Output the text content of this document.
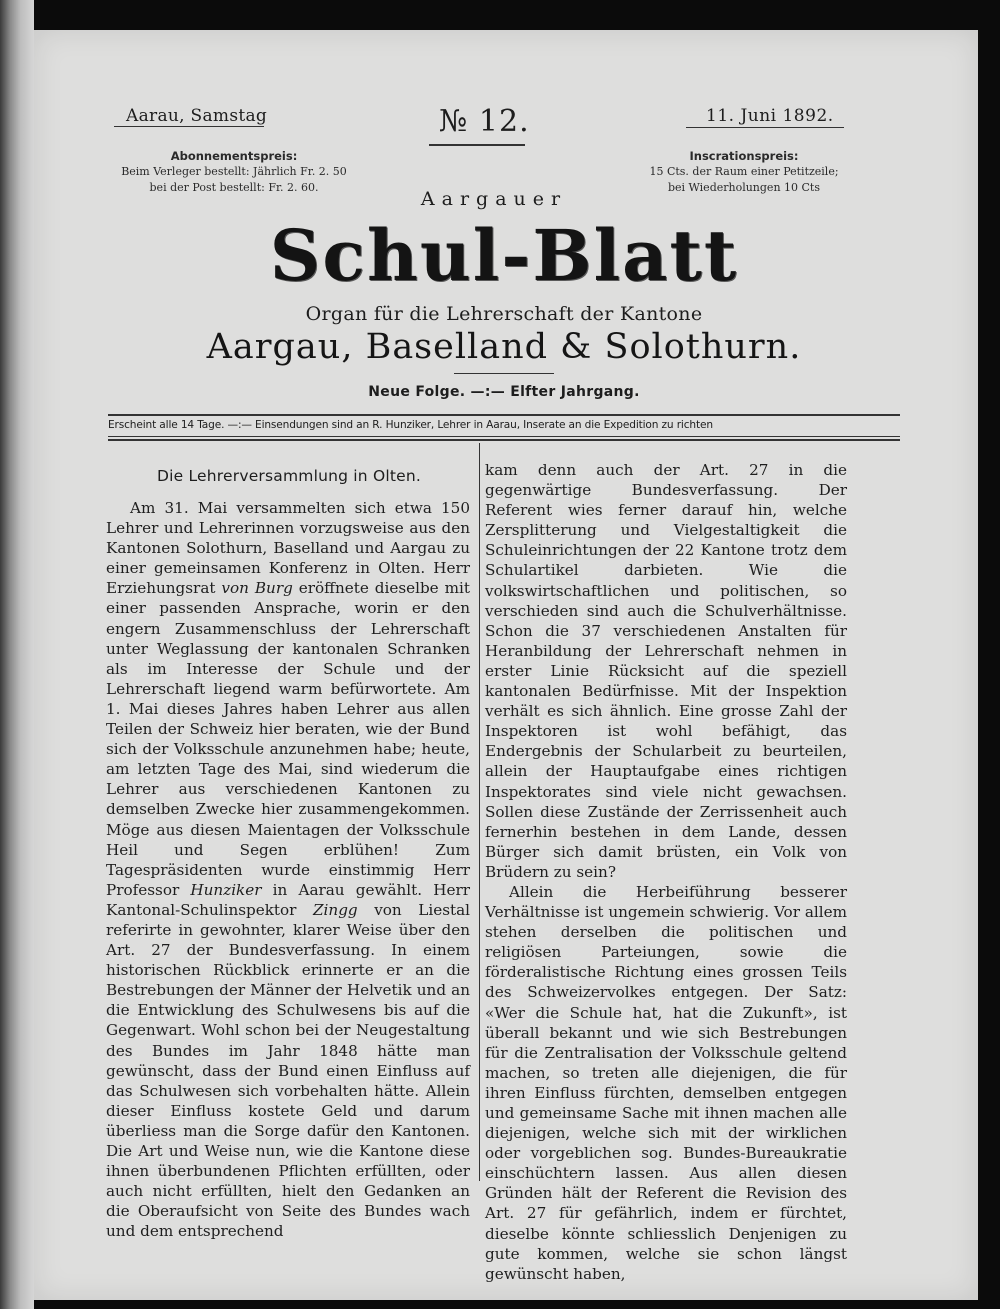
Aarau, Samstag	№ 12.	11. Juni 1892.
Abonnementspreis:
Beim Verleger bestellt: Jährlich Fr. 2. 50
bei der Post bestellt: Fr. 2. 60.
Inscrationspreis:
15 Cts. der Raum einer Petitzeile;
bei Wiederholungen 10 Cts
Aargauer
Schul-Blatt
Organ für die Lehrerschaft der Kantone
Aargau, Baselland & Solothurn.
Neue Folge. —:— Elfter Jahrgang.
Erscheint alle 14 Tage. —:— Einsendungen sind an R. Hunziker, Lehrer in Aarau, Inserate an die Expedition zu richten
Die Lehrerversammlung in Olten.

Am 31. Mai versammelten sich etwa 150 Lehrer und Lehrerinnen vorzugsweise aus den Kantonen Solothurn, Baselland und Aargau zu einer gemeinsamen Konferenz in Olten. Herr Erziehungsrat von Burg eröffnete dieselbe mit einer passenden Ansprache, worin er den engern Zusammenschluss der Lehrerschaft unter Weglassung der kantonalen Schranken als im Interesse der Schule und der Lehrerschaft liegend warm befürwortete. Am 1. Mai dieses Jahres haben Lehrer aus allen Teilen der Schweiz hier beraten, wie der Bund sich der Volksschule anzunehmen habe; heute, am letzten Tage des Mai, sind wiederum die Lehrer aus verschiedenen Kantonen zu demselben Zwecke hier zusammengekommen. Möge aus diesen Maientagen der Volksschule Heil und Segen erblühen! Zum Tagespräsidenten wurde einstimmig Herr Professor Hunziker in Aarau gewählt. Herr Kantonal-Schulinspektor Zingg von Liestal referirte in gewohnter, klarer Weise über den Art. 27 der Bundesverfassung. In einem historischen Rückblick erinnerte er an die Bestrebungen der Männer der Helvetik und an die Entwicklung des Schulwesens bis auf die Gegenwart. Wohl schon bei der Neugestaltung des Bundes im Jahr 1848 hätte man gewünscht, dass der Bund einen Einfluss auf das Schulwesen sich vorbehalten hätte. Allein dieser Einfluss kostete Geld und darum überliess man die Sorge dafür den Kantonen. Die Art und Weise nun, wie die Kantone diese ihnen überbundenen Pflichten erfüllten, oder auch nicht erfüllten, hielt den Gedanken an die Oberaufsicht von Seite des Bundes wach und dem entsprechend

kam denn auch der Art. 27 in die gegenwärtige Bundesverfassung. Der Referent wies ferner darauf hin, welche Zersplitterung und Vielgestaltigkeit die Schuleinrichtungen der 22 Kantone trotz dem Schulartikel darbieten. Wie die volkswirtschaftlichen und politischen, so verschieden sind auch die Schulverhältnisse. Schon die 37 verschiedenen Anstalten für Heranbildung der Lehrerschaft nehmen in erster Linie Rücksicht auf die speziell kantonalen Bedürfnisse. Mit der Inspektion verhält es sich ähnlich. Eine grosse Zahl der Inspektoren ist wohl befähigt, das Endergebnis der Schularbeit zu beurteilen, allein der Hauptaufgabe eines richtigen Inspektorates sind viele nicht gewachsen. Sollen diese Zustände der Zerrissenheit auch fernerhin bestehen in dem Lande, dessen Bürger sich damit brüsten, ein Volk von Brüdern zu sein?

Allein die Herbeiführung besserer Verhältnisse ist ungemein schwierig. Vor allem stehen derselben die politischen und religiösen Parteiungen, sowie die förderalistische Richtung eines grossen Teils des Schweizervolkes entgegen. Der Satz: «Wer die Schule hat, hat die Zukunft», ist überall bekannt und wie sich Bestrebungen für die Zentralisation der Volksschule geltend machen, so treten alle diejenigen, die für ihren Einfluss fürchten, demselben entgegen und gemeinsame Sache mit ihnen machen alle diejenigen, welche sich mit der wirklichen oder vorgeblichen sog. Bundes-Bureaukratie einschüchtern lassen. Aus allen diesen Gründen hält der Referent die Revision des Art. 27 für gefährlich, indem er fürchtet, dieselbe könnte schliesslich Denjenigen zu gute kommen, welche sie schon längst gewünscht haben,
